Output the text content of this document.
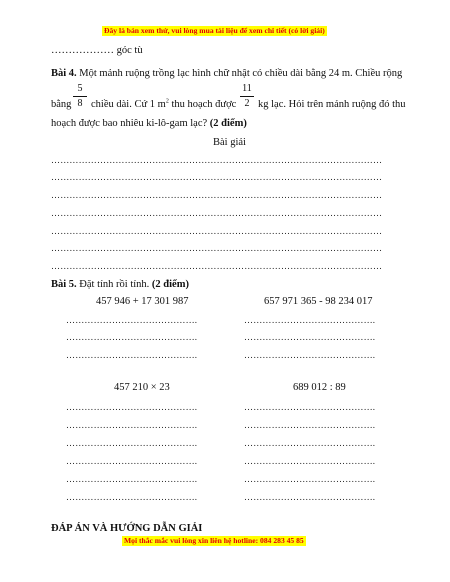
Đây là bản xem thử, vui lòng mua tài liệu để xem chi tiết (có lời giải)
……………… góc tù
Bài 4. Một mảnh ruộng trồng lạc hình chữ nhật có chiều dài bằng 24 m. Chiều rộng
bằng
5
8 chiều dài. Cứ 1 $m^2$ thu hoạch được
11
2 kg lạc. Hỏi trên mảnh ruộng đó thu
hoạch được bao nhiêu ki-lô-gam lạc? (2 điểm)
Bài giải
………………………………………………………………………………………………
………………………………………………………………………………………………
………………………………………………………………………………………………
………………………………………………………………………………………………
………………………………………………………………………………………………
………………………………………………………………………………………………
………………………………………………………………………………………………
Bài 5. Đặt tính rồi tính. (2 điểm)
457 946 + 17 301 987	657 971 365 - 98 234 017
…………………………………….	…………………………………….
…………………………………….	…………………………………….
…………………………………….	…………………………………….
457 210 × 23	689 012 : 89
…………………………………….	…………………………………….
…………………………………….	…………………………………….
…………………………………….	…………………………………….
…………………………………….	…………………………………….
…………………………………….	…………………………………….
…………………………………….	…………………………………….
ĐÁP ÁN VÀ HƯỚNG DẪN GIẢI
Mọi thắc mắc vui lòng xin liên hệ hotline: 084 283 45 85
